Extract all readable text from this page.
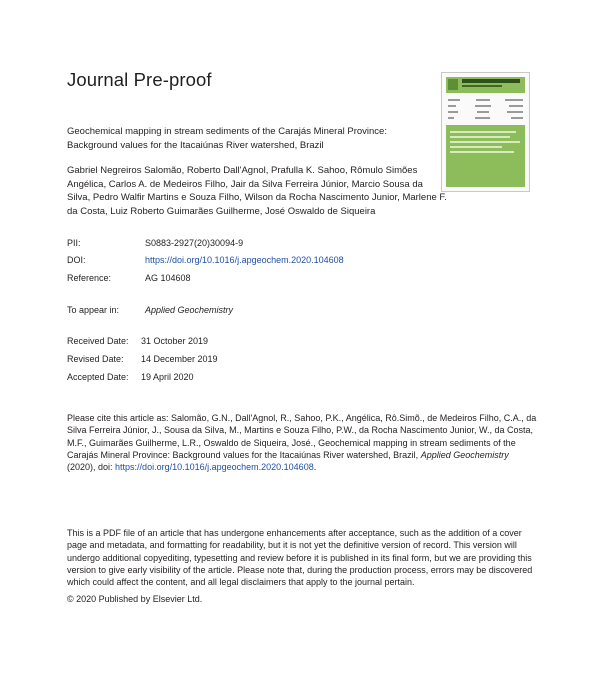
Journal Pre-proof
Geochemical mapping in stream sediments of the Carajás Mineral Province: Background values for the Itacaiúnas River watershed, Brazil
Gabriel Negreiros Salomão, Roberto Dall'Agnol, Prafulla K. Sahoo, Rômulo Simões Angélica, Carlos A. de Medeiros Filho, Jair da Silva Ferreira Júnior, Marcio Sousa da Silva, Pedro Walfir Martins e Souza Filho, Wilson da Rocha Nascimento Junior, Marlene F. da Costa, Luiz Roberto Guimarães Guilherme, José Oswaldo de Siqueira
PII:	S0883-2927(20)30094-9
DOI:	https://doi.org/10.1016/j.apgeochem.2020.104608
Reference:	AG 104608
To appear in:	Applied Geochemistry
Received Date: 31 October 2019
Revised Date: 14 December 2019
Accepted Date: 19 April 2020
Please cite this article as: Salomão, G.N., Dall'Agnol, R., Sahoo, P.K., Angélica, Rô.Simõ., de Medeiros Filho, C.A., da Silva Ferreira Júnior, J., Sousa da Silva, M., Martins e Souza Filho, P.W., da Rocha Nascimento Junior, W., da Costa, M.F., Guimarães Guilherme, L.R., Oswaldo de Siqueira, José., Geochemical mapping in stream sediments of the Carajás Mineral Province: Background values for the Itacaiúnas River watershed, Brazil, Applied Geochemistry (2020), doi: https://doi.org/10.1016/j.apgeochem.2020.104608.
This is a PDF file of an article that has undergone enhancements after acceptance, such as the addition of a cover page and metadata, and formatting for readability, but it is not yet the definitive version of record. This version will undergo additional copyediting, typesetting and review before it is published in its final form, but we are providing this version to give early visibility of the article. Please note that, during the production process, errors may be discovered which could affect the content, and all legal disclaimers that apply to the journal pertain.
© 2020 Published by Elsevier Ltd.
